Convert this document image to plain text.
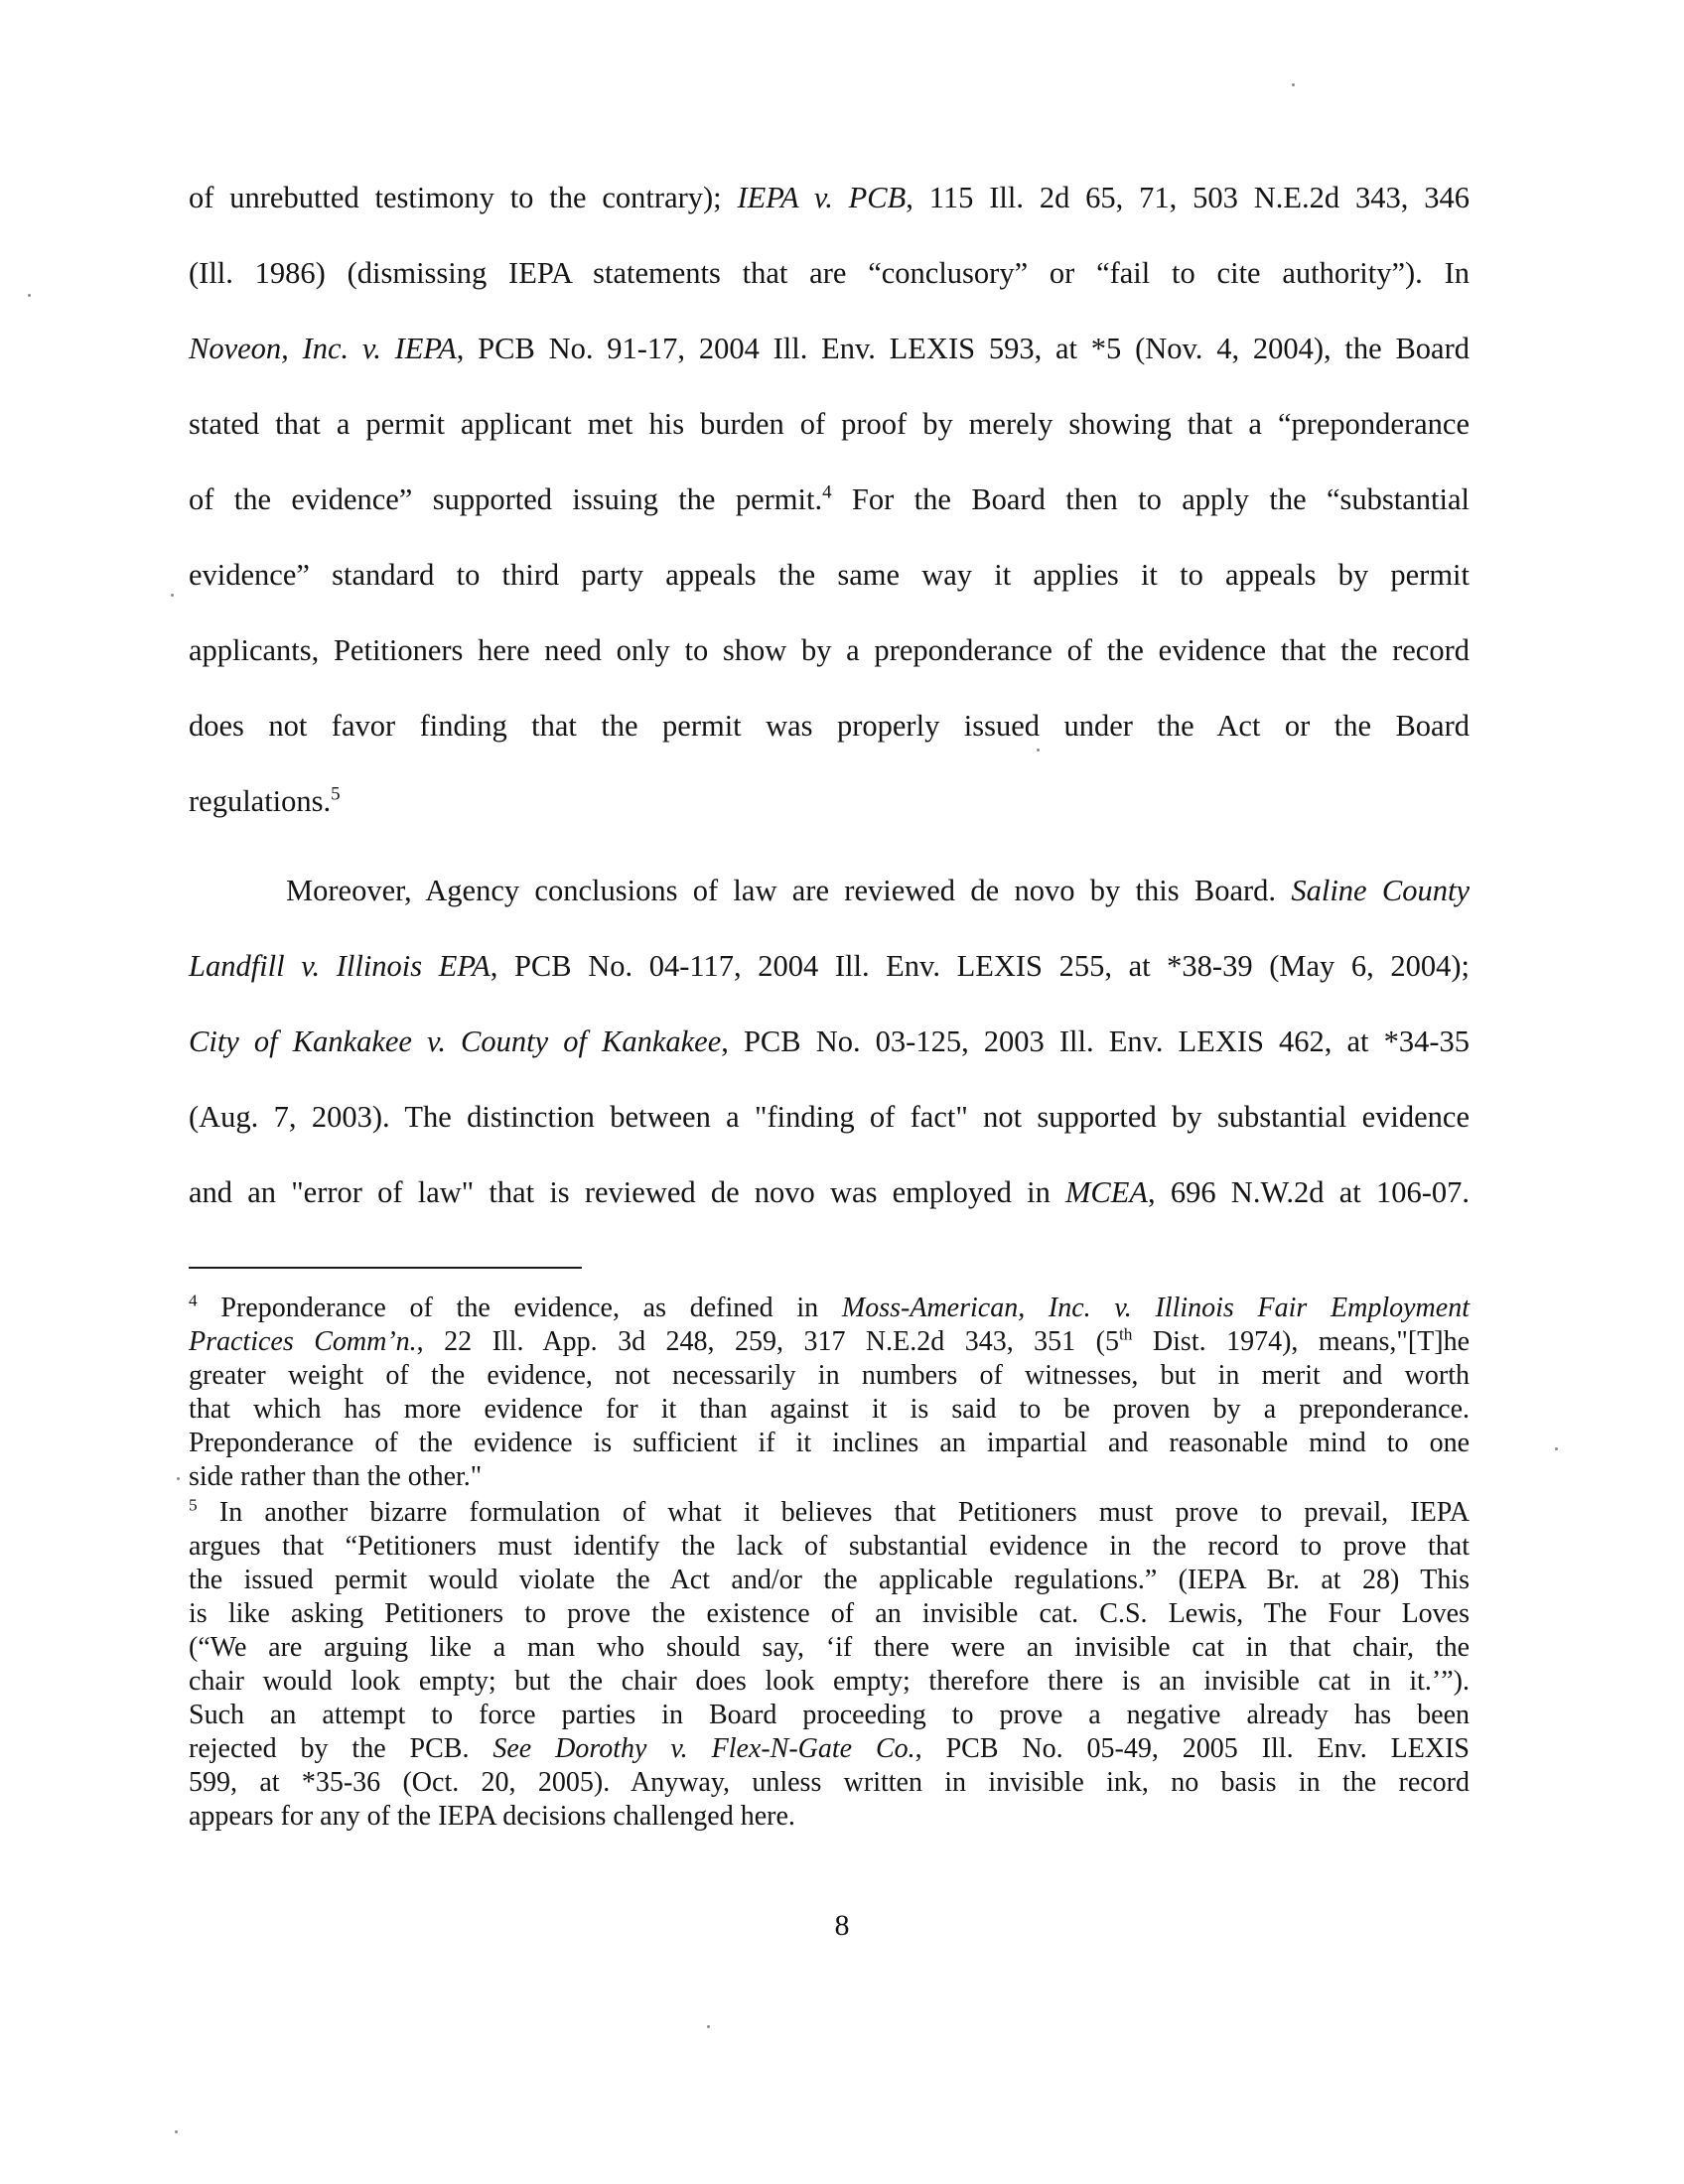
of unrebutted testimony to the contrary); IEPA v. PCB, 115 Ill. 2d 65, 71, 503 N.E.2d 343, 346
(Ill. 1986) (dismissing IEPA statements that are “conclusory” or “fail to cite authority”). In
Noveon, Inc. v. IEPA, PCB No. 91-17, 2004 Ill. Env. LEXIS 593, at *5 (Nov. 4, 2004), the Board
stated that a permit applicant met his burden of proof by merely showing that a “preponderance
of the evidence” supported issuing the permit.$^4$ For the Board then to apply the “substantial
evidence” standard to third party appeals the same way it applies it to appeals by permit
applicants, Petitioners here need only to show by a preponderance of the evidence that the record
does not favor finding that the permit was properly issued under the Act or the Board
regulations.$^5$
Moreover, Agency conclusions of law are reviewed de novo by this Board. Saline County
Landfill v. Illinois EPA, PCB No. 04-117, 2004 Ill. Env. LEXIS 255, at *38-39 (May 6, 2004);
City of Kankakee v. County of Kankakee, PCB No. 03-125, 2003 Ill. Env. LEXIS 462, at *34-35
(Aug. 7, 2003). The distinction between a "finding of fact" not supported by substantial evidence
and an "error of law" that is reviewed de novo was employed in MCEA, 696 N.W.2d at 106-07.
$^4$ Preponderance of the evidence, as defined in Moss-American, Inc. v. Illinois Fair Employment
Practices Comm’n., 22 Ill. App. 3d 248, 259, 317 N.E.2d 343, 351 (5th Dist. 1974), means,"[T]he
greater weight of the evidence, not necessarily in numbers of witnesses, but in merit and worth
that which has more evidence for it than against it is said to be proven by a preponderance.
Preponderance of the evidence is sufficient if it inclines an impartial and reasonable mind to one
side rather than the other."
$^5$ In another bizarre formulation of what it believes that Petitioners must prove to prevail, IEPA
argues that “Petitioners must identify the lack of substantial evidence in the record to prove that
the issued permit would violate the Act and/or the applicable regulations.” (IEPA Br. at 28) This
is like asking Petitioners to prove the existence of an invisible cat. C.S. Lewis, The Four Loves
(“We are arguing like a man who should say, ‘if there were an invisible cat in that chair, the
chair would look empty; but the chair does look empty; therefore there is an invisible cat in it.’”).
Such an attempt to force parties in Board proceeding to prove a negative already has been
rejected by the PCB. See Dorothy v. Flex-N-Gate Co., PCB No. 05-49, 2005 Ill. Env. LEXIS
599, at *35-36 (Oct. 20, 2005). Anyway, unless written in invisible ink, no basis in the record
appears for any of the IEPA decisions challenged here.
8
